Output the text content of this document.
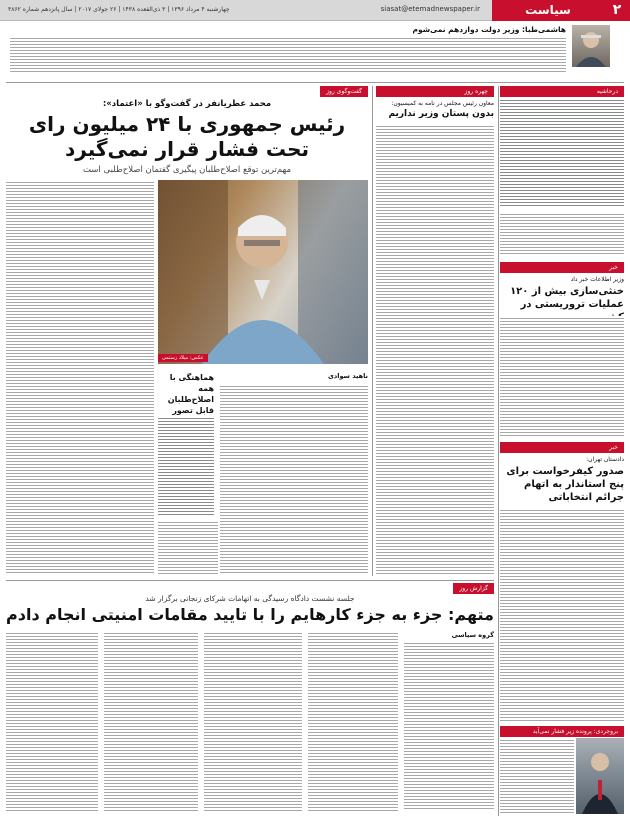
۲
سیاست
siasat@etemadnewspaper.ir
چهارشنبه ۴ مرداد ۱۳۹۶ | ۳ ذی‌القعده ۱۴۳۸ | ۲۶ جولای ۲۰۱۷ | سال پانزدهم شماره ۳۸۶۲
هاشمی‌طبا: وزیر دولت دوازدهم نمی‌شوم
درحاشیه
خبر
وزیر اطلاعات خبر داد
خنثی‌سازی بیش از ۱۲۰ عملیات تروریستی در
خبر
دادستان تهران:
صدور کیفرخواست برای پنج استاندار به اتهام جرائم انتخاباتی
بروجردی: پرونده زیر فشار نمی‌آید
چهره روز
معاون رئیس مجلس در نامه به کمیسیون:
بدون پستان وزیر نداریم
گفت‌وگوی روز
محمد عطریانفر در گفت‌وگو با «اعتماد»:
رئیس جمهوری با ۲۴ میلیون رای تحت فشار قرار نمی‌گیرد
مهم‌ترین توقع اصلاح‌طلبان پیگیری گفتمان اصلاح‌طلبی است
عکس: میلاد رستمی
هماهنگی با همه اصلاح‌طلبان قابل تصور
ناهید سوادی
گزارش روز
جلسه نشست دادگاه رسیدگی به اتهامات شرکای زنجانی برگزار شد
متهم: جزء به جزء کارهایم را با تایید مقامات امنیتی انجام دادم
گروه سیاسی
